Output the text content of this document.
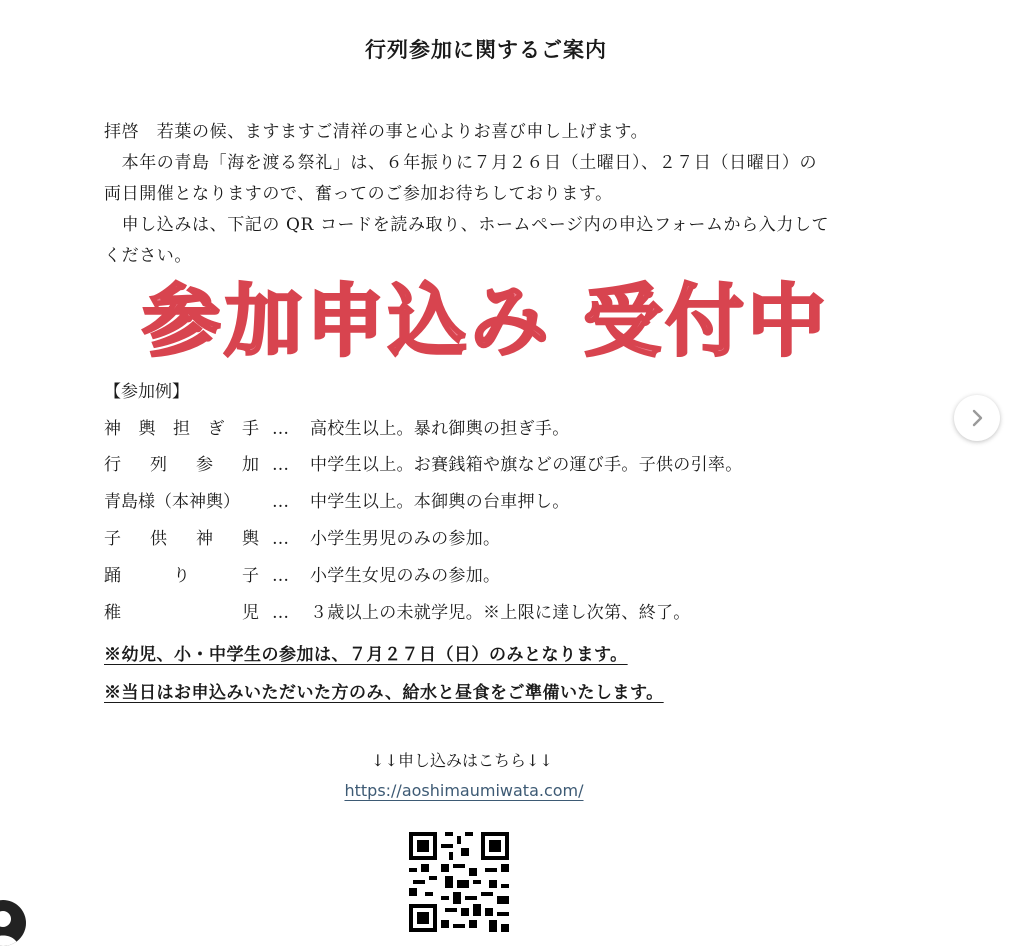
行列参加に関するご案内

拝啓　若葉の候、ますますご清祥の事と心よりお喜び申し上げます。

　本年の青島「海を渡る祭礼」は、６年振りに７月２６日（土曜日）、２７日（日曜日）の

両日開催となりますので、奮ってのご参加お待ちしております。

　申し込みは、下記の QR コードを読み取り、ホームページ内の申込フォームから入力して

ください。

参加申込み 受付中
【参加例】
神 輿 担 ぎ 手 … 高校生以上。暴れ御輿の担ぎ手。
行 列 参 加 … 中学生以上。お賽銭箱や旗などの運び手。子供の引率。
青島様（本神輿） … 中学生以上。本御輿の台車押し。
子 供 神 輿 … 小学生男児のみの参加。
踊	り	子 … 小学生女児のみの参加。
稚	児 … ３歳以上の未就学児。※上限に達し次第、終了。
※幼児、小・中学生の参加は、７月２７日（日）のみとなります。
※当日はお申込みいただいた方のみ、給水と昼食をご準備いたします。
↓↓申し込みはこちら↓↓
https://aoshimaumiwata.com/
